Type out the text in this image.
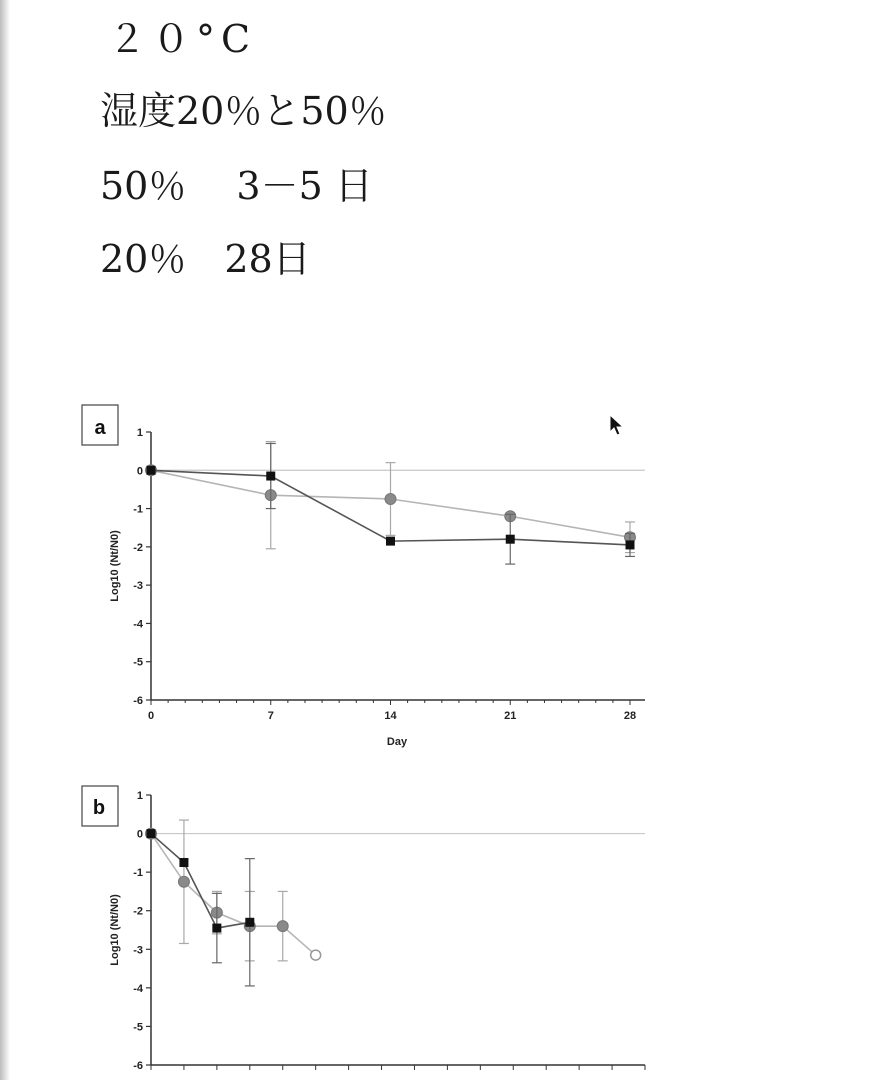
２０°C
湿度20％と50％
50％　 3－5 日
20％　28日
a	1
0
-1
-2
-3
-4
-5
-6
0	7	14	21	28
Day
Log10 (Nt/N0)
b
1
0
-1
-2
-3
-4
-5
-6
Log10 (Nt/N0)
